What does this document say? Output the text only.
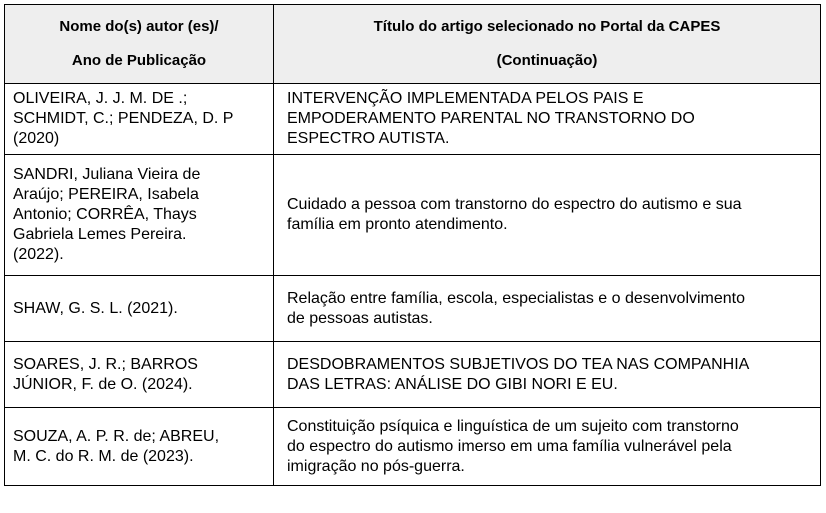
Nome do(s) autor (es)/
Ano de Publicação	Título do artigo selecionado no Portal da CAPES
(Continuação)

OLIVEIRA, J. J. M. DE .;
SCHMIDT, C.; PENDEZA, D. P
(2020)	INTERVENÇÃO IMPLEMENTADA PELOS PAIS E
EMPODERAMENTO PARENTAL NO TRANSTORNO DO
ESPECTRO AUTISTA.

SANDRI, Juliana Vieira de
Araújo; PEREIRA, Isabela
Antonio; CORRÊA, Thays
Gabriela Lemes Pereira.
(2022).	Cuidado a pessoa com transtorno do espectro do autismo e sua
família em pronto atendimento.

SHAW, G. S. L. (2021).	Relação entre família, escola, especialistas e o desenvolvimento
de pessoas autistas.

SOARES, J. R.; BARROS
JÚNIOR, F. de O. (2024).	DESDOBRAMENTOS SUBJETIVOS DO TEA NAS COMPANHIA
DAS LETRAS: ANÁLISE DO GIBI NORI E EU.

SOUZA, A. P. R. de; ABREU,
M. C. do R. M. de (2023).	Constituição psíquica e linguística de um sujeito com transtorno
do espectro do autismo imerso em uma família vulnerável pela
imigração no pós-guerra.
